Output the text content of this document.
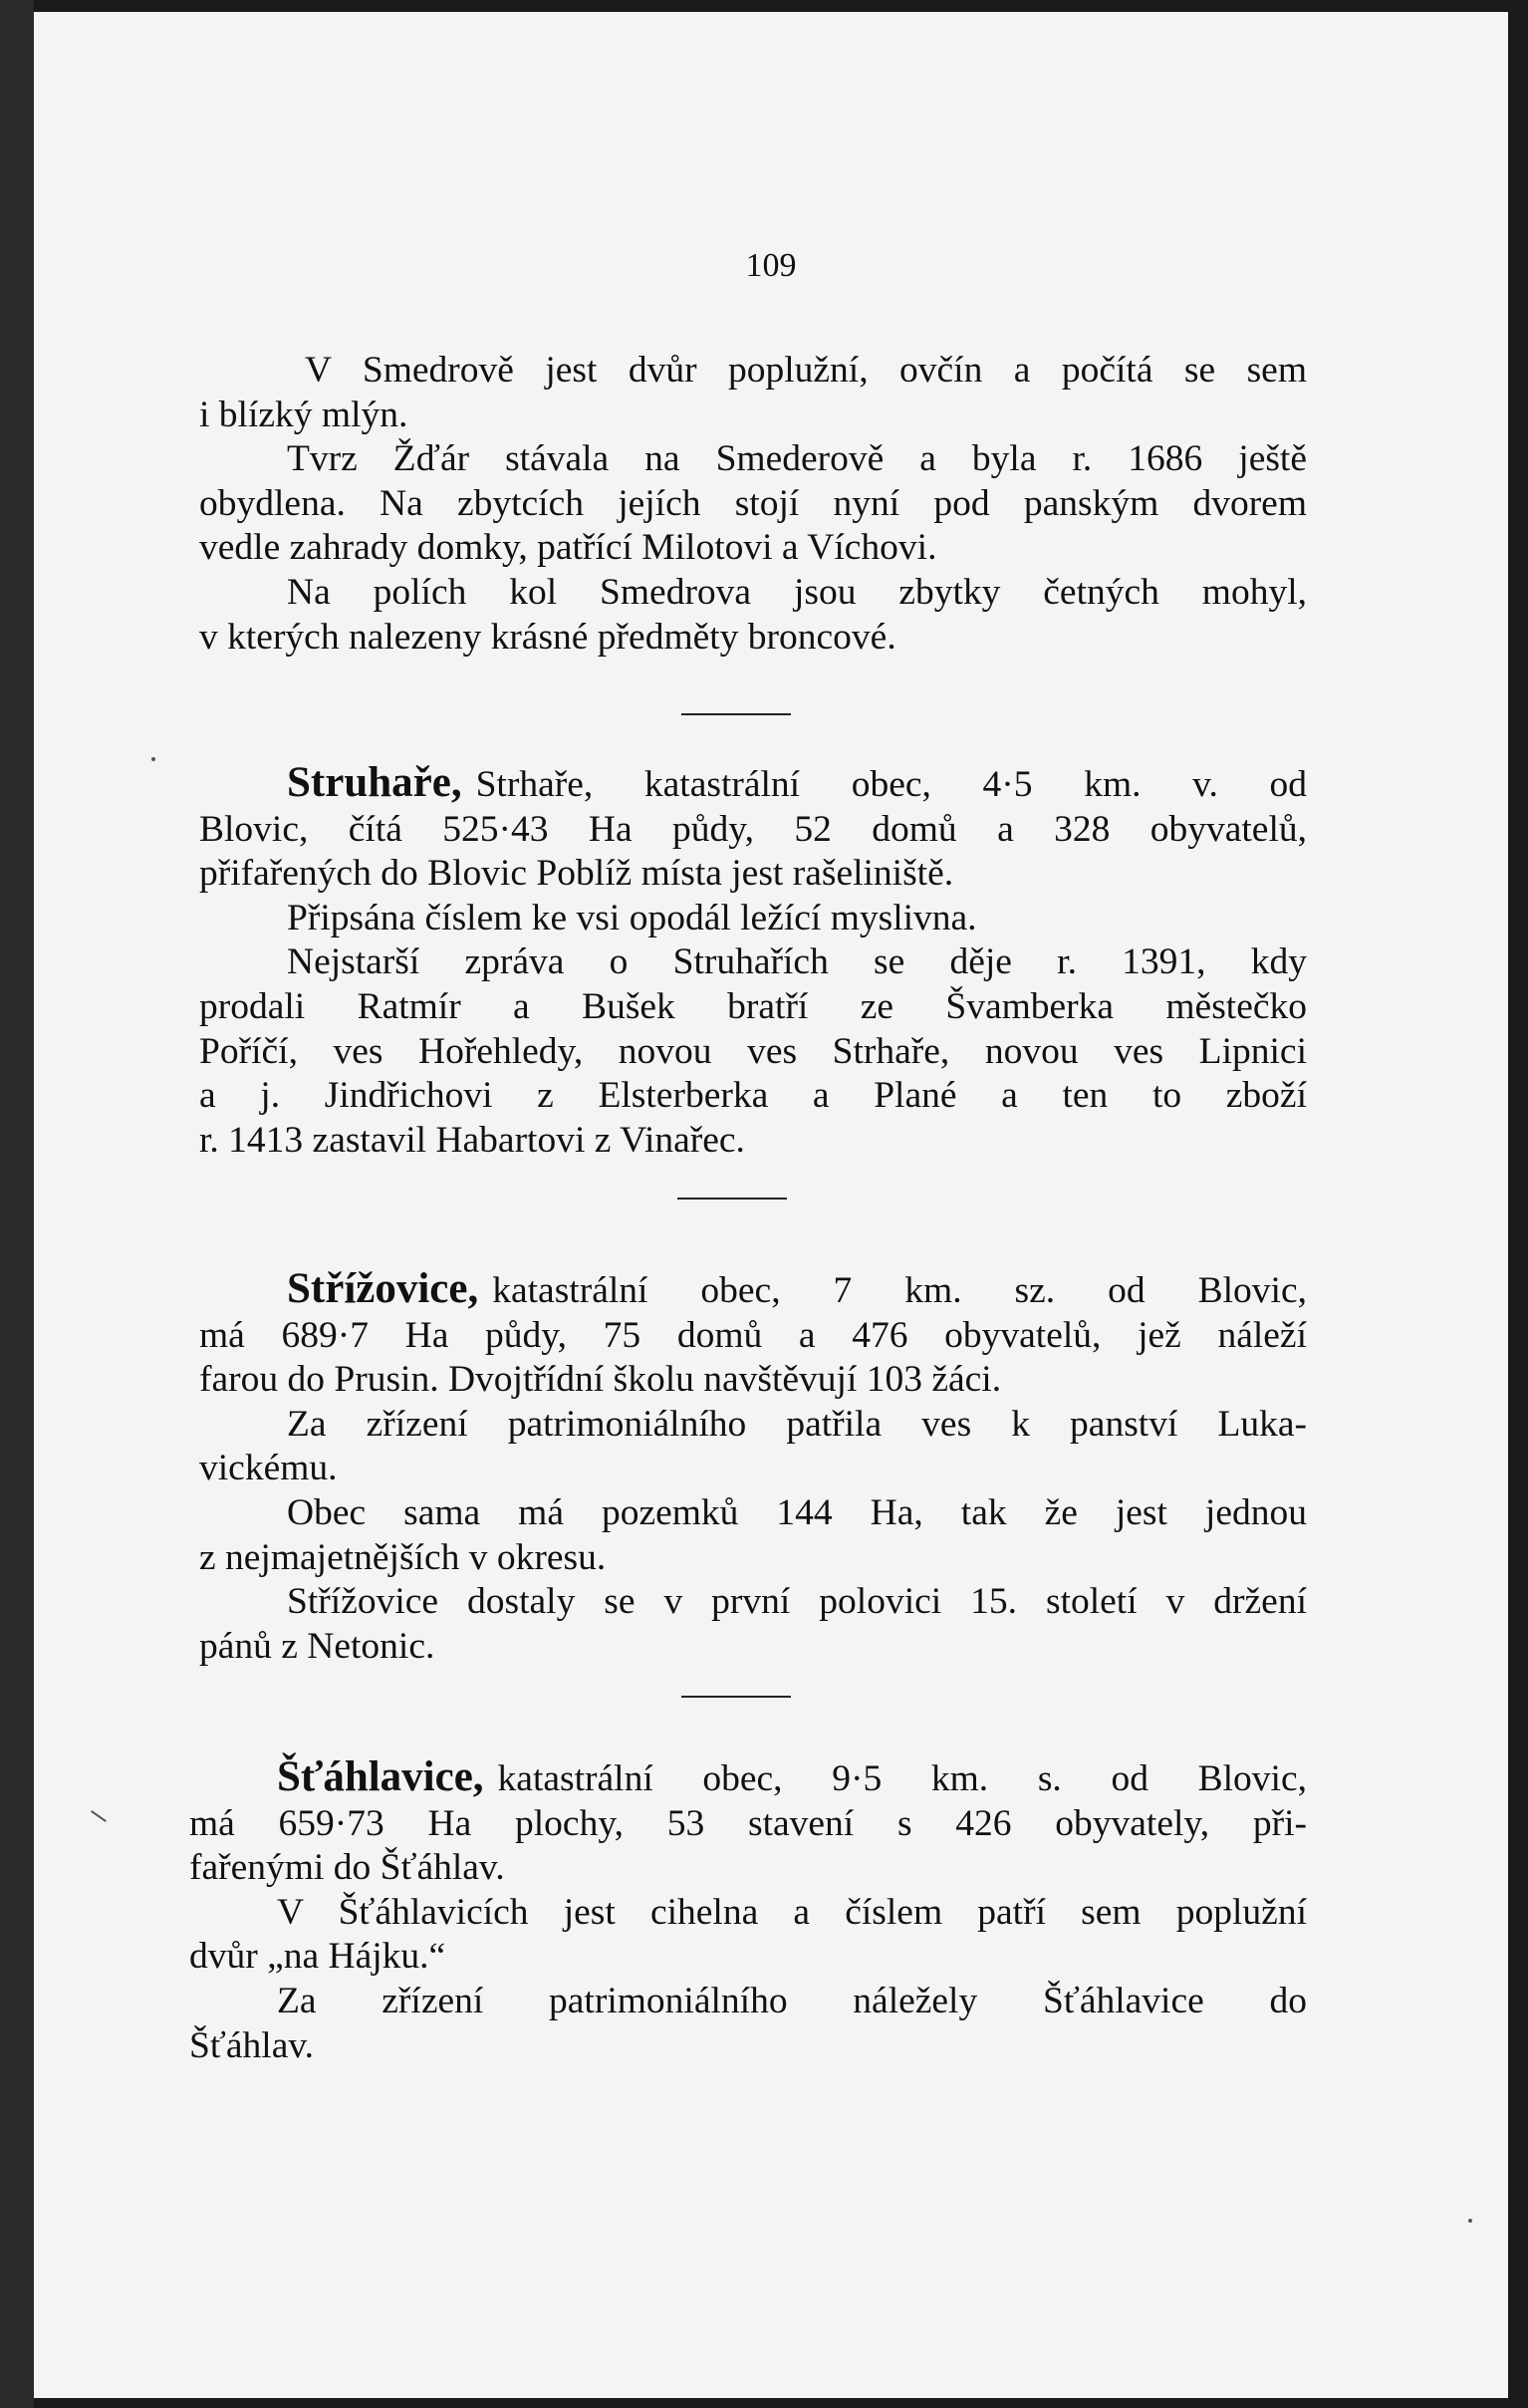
109
V Smedrově jest dvůr poplužní, ovčín a počítá se sem
i blízký mlýn.
Tvrz Žďár stávala na Smederově a byla r. 1686 ještě
obydlena. Na zbytcích jejích stojí nyní pod panským dvorem
vedle zahrady domky, patřící Milotovi a Víchovi.
Na polích kol Smedrova jsou zbytky četných mohyl,
v kterých nalezeny krásné předměty broncové.
Struhaře, Strhaře, katastrální obec, 4·5 km. v. od
Blovic, čítá 525·43 Ha půdy, 52 domů a 328 obyvatelů,
přifařených do Blovic Poblíž místa jest rašeliniště.
Připsána číslem ke vsi opodál ležící myslivna.
Nejstarší zpráva o Struhařích se děje r. 1391, kdy
prodali Ratmír a Bušek bratří ze Švamberka městečko
Poříčí, ves Hořehledy, novou ves Strhaře, novou ves Lipnici
a j. Jindřichovi z Elsterberka a Plané a ten to zboží
r. 1413 zastavil Habartovi z Vinařec.
Střížovice, katastrální obec, 7 km. sz. od Blovic,
má 689·7 Ha půdy, 75 domů a 476 obyvatelů, jež náleží
farou do Prusin. Dvojtřídní školu navštěvují 103 žáci.
Za zřízení patrimoniálního patřila ves k panství Luka-
vickému.
Obec sama má pozemků 144 Ha, tak že jest jednou
z nejmajetnějších v okresu.
Střížovice dostaly se v první polovici 15. století v držení
pánů z Netonic.
Šťáhlavice, katastrální obec, 9·5 km. s. od Blovic,
má 659·73 Ha plochy, 53 stavení s 426 obyvately, při-
fařenými do Šťáhlav.
V Šťáhlavicích jest cihelna a číslem patří sem poplužní
dvůr „na Hájku.“
Za zřízení patrimoniálního náležely Šťáhlavice do
Šťáhlav.
